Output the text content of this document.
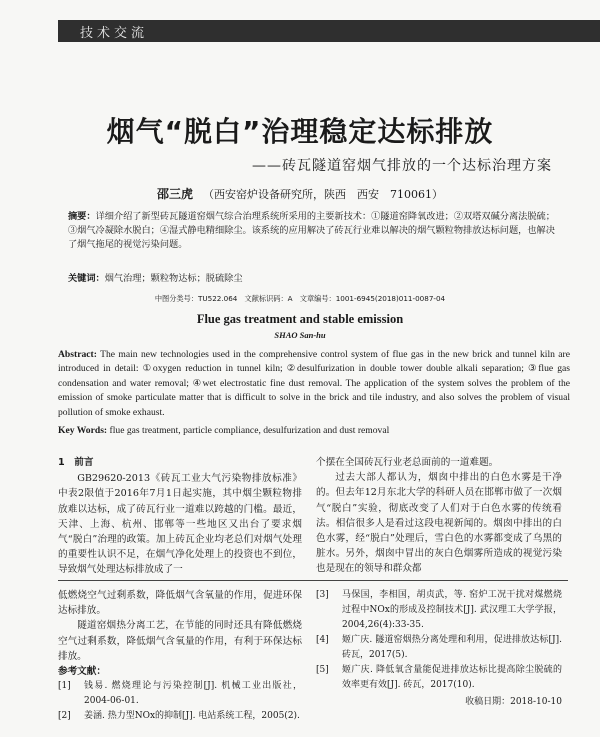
技术交流
烟气“脱白”治理稳定达标排放
——砖瓦隧道窑烟气排放的一个达标治理方案
邵三虎 （西安窑炉设备研究所，陕西　西安　710061）
摘要：详细介绍了新型砖瓦隧道窑烟气综合治理系统所采用的主要新技术：①隧道窑降氧改进；②双塔双碱分离法脱硫；③烟气冷凝除水脱白；④湿式静电精细除尘。该系统的应用解决了砖瓦行业难以解决的烟气颗粒物排放达标问题，也解决了烟气拖尾的视觉污染问题。
关键词：烟气治理；颗粒物达标；脱硫除尘
中图分类号：TU522.064　文献标识码：A　文章编号：1001-6945(2018)011-0087-04
Flue gas treatment and stable emission
SHAO San-hu
Abstract: The main new technologies used in the comprehensive control system of flue gas in the new brick and tunnel kiln are introduced in detail: ①oxygen reduction in tunnel kiln; ②desulfurization in double tower double alkali separation; ③flue gas condensation and water removal; ④wet electrostatic fine dust removal. The application of the system solves the problem of the emission of smoke particulate matter that is difficult to solve in the brick and tile industry, and also solves the problem of visual pollution of smoke exhaust.
Key Words: flue gas treatment, particle compliance, desulfurization and dust removal
1　前言

GB29620-2013《砖瓦工业大气污染物排放标准》中表2限值于2016年7月1日起实施，其中烟尘颗粒物排放难以达标，成了砖瓦行业一道难以跨越的门槛。最近，天津、上海、杭州、邯郸等一些地区又出台了要求烟气“脱白”治理的政策。加上砖瓦企业均老总们对烟气处理的重要性认识不足，在烟气净化处理上的投资也不到位，导致烟气处理达标排放成了一

个摆在全国砖瓦行业老总面前的一道难题。

过去大部人都认为，烟囱中排出的白色水雾是干净的。但去年12月东北大学的科研人员在邯郸市做了一次烟气“脱白”实验，彻底改变了人们对于白色水雾的传统看法。相信很多人是看过这段电视新闻的。烟囱中排出的白色水雾，经“脱白”处理后，雪白色的水雾都变成了乌黑的脏水。另外，烟囱中冒出的灰白色烟雾所造成的视觉污染也是现在的领导和群众都

低燃烧空气过剩系数，降低烟气含氧量的作用，促进环保达标排放。

隧道窑烟热分离工艺，在节能的同时还具有降低燃烧空气过剩系数，降低烟气含氧量的作用，有利于环保达标排放。

参考文献：
[1]	钱易. 燃烧理论与污染控制[J]. 机械工业出版社，2004-06-01.
[2]	姜涵. 热力型NOx的抑制[J]. 电站系统工程，2005(2).
[3]	马保国，李相国，胡贞武，等. 窑炉工况干扰对煤燃烧过程中NOx的形成及控制技术[J]. 武汉理工大学学报，2004,26(4):33-35.
[4]	姬广庆. 隧道窑烟热分离处理和利用，促进排放达标[J]. 砖瓦，2017(5).
[5]	姬广庆. 降低氧含量能促进排放达标比提高除尘脱硫的效率更有效[J]. 砖瓦，2017(10).
收稿日期：2018-10-10
